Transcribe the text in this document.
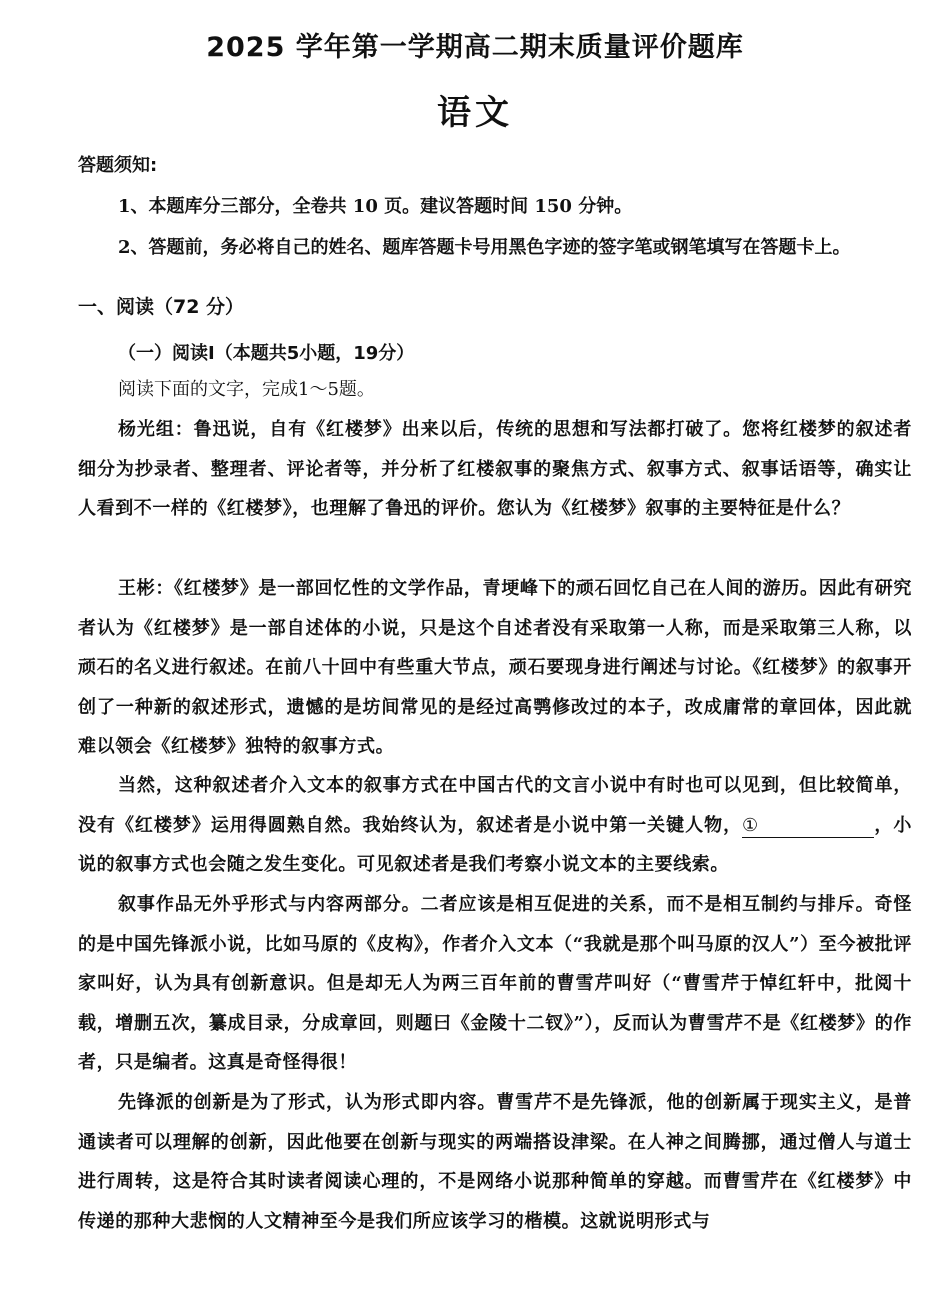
2025 学年第一学期高二期末质量评价题库
语文
答题须知:
1、本题库分三部分，全卷共 10 页。建议答题时间 150 分钟。
2、答题前，务必将自己的姓名、题库答题卡号用黑色字迹的签字笔或钢笔填写在答题卡上。
一、阅读（72 分）
（一）阅读I（本题共5小题，19分）
阅读下面的文字，完成1～5题。

杨光组：鲁迅说，自有《红楼梦》出来以后，传统的思想和写法都打破了。您将红楼梦的叙述者细分为抄录者、整理者、评论者等，并分析了红楼叙事的聚焦方式、叙事方式、叙事话语等，确实让人看到不一样的《红楼梦》，也理解了鲁迅的评价。您认为《红楼梦》叙事的主要特征是什么？

王彬：《红楼梦》是一部回忆性的文学作品，青埂峰下的顽石回忆自己在人间的游历。因此有研究者认为《红楼梦》是一部自述体的小说，只是这个自述者没有采取第一人称，而是采取第三人称，以顽石的名义进行叙述。在前八十回中有些重大节点，顽石要现身进行阐述与讨论。《红楼梦》的叙事开创了一种新的叙述形式，遗憾的是坊间常见的是经过高鹗修改过的本子，改成庸常的章回体，因此就难以领会《红楼梦》独特的叙事方式。

当然，这种叙述者介入文本的叙事方式在中国古代的文言小说中有时也可以见到，但比较简单，没有《红楼梦》运用得圆熟自然。我始终认为，叙述者是小说中第一关键人物，①	，小说的叙事方式也会随之发生变化。可见叙述者是我们考察小说文本的主要线索。

叙事作品无外乎形式与内容两部分。二者应该是相互促进的关系，而不是相互制约与排斥。奇怪的是中国先锋派小说，比如马原的《皮构》，作者介入文本（“我就是那个叫马原的汉人”）至今被批评家叫好，认为具有创新意识。但是却无人为两三百年前的曹雪芹叫好（“曹雪芹于悼红轩中，批阅十载，增删五次，纂成目录，分成章回，则题曰《金陵十二钗》”），反而认为曹雪芹不是《红楼梦》的作者，只是编者。这真是奇怪得很！

先锋派的创新是为了形式，认为形式即内容。曹雪芹不是先锋派，他的创新属于现实主义，是普通读者可以理解的创新，因此他要在创新与现实的两端搭设津梁。在人神之间腾挪，通过僧人与道士进行周转，这是符合其时读者阅读心理的，不是网络小说那种简单的穿越。而曹雪芹在《红楼梦》中传递的那种大悲悯的人文精神至今是我们所应该学习的楷模。这就说明形式与
